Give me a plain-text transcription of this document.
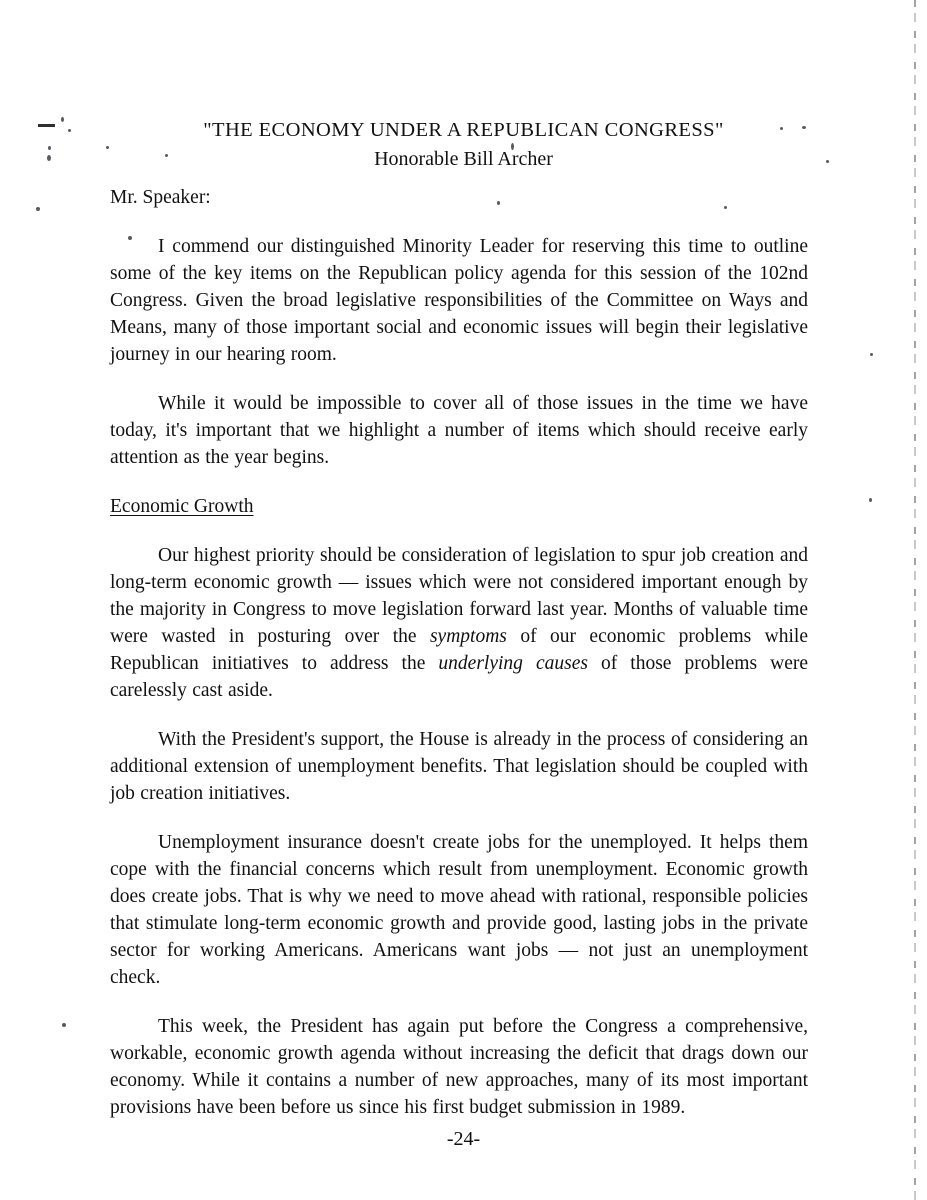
"THE ECONOMY UNDER A REPUBLICAN CONGRESS"
Honorable Bill Archer
Mr. Speaker:

I commend our distinguished Minority Leader for reserving this time to outline some of the key items on the Republican policy agenda for this session of the 102nd Congress. Given the broad legislative responsibilities of the Committee on Ways and Means, many of those important social and economic issues will begin their legislative journey in our hearing room.

While it would be impossible to cover all of those issues in the time we have today, it's important that we highlight a number of items which should receive early attention as the year begins.

Economic Growth

Our highest priority should be consideration of legislation to spur job creation and long-term economic growth — issues which were not considered important enough by the majority in Congress to move legislation forward last year. Months of valuable time were wasted in posturing over the symptoms of our economic problems while Republican initiatives to address the underlying causes of those problems were carelessly cast aside.

With the President's support, the House is already in the process of considering an additional extension of unemployment benefits. That legislation should be coupled with job creation initiatives.

Unemployment insurance doesn't create jobs for the unemployed. It helps them cope with the financial concerns which result from unemployment. Economic growth does create jobs. That is why we need to move ahead with rational, responsible policies that stimulate long-term economic growth and provide good, lasting jobs in the private sector for working Americans. Americans want jobs — not just an unemployment check.

This week, the President has again put before the Congress a comprehensive, workable, economic growth agenda without increasing the deficit that drags down our economy. While it contains a number of new approaches, many of its most important provisions have been before us since his first budget submission in 1989.

-24-
